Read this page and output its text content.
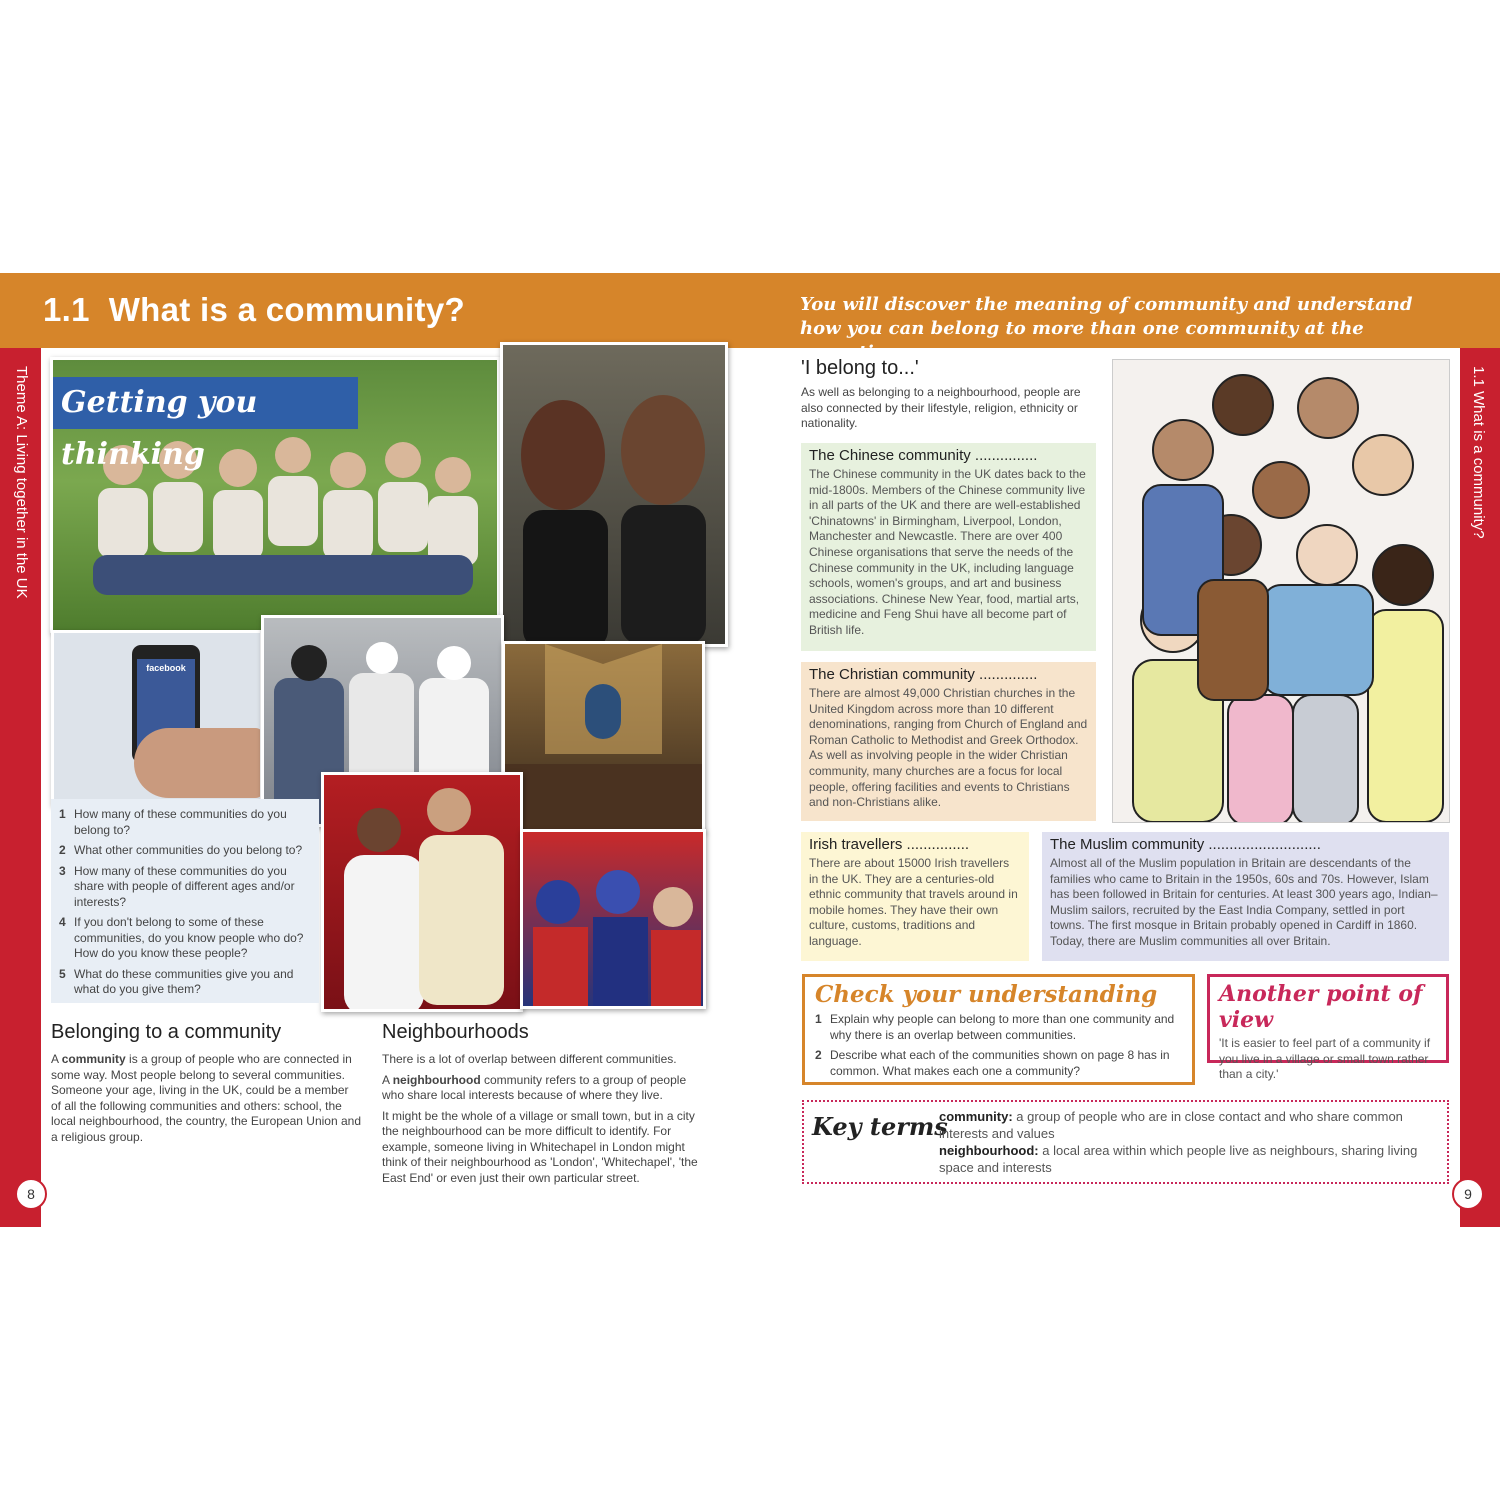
1.1 What is a community?	You will discover the meaning of community and understand how you can belong to more than one community at the same time.
Theme A: Living together in the UK	1.1 What is a community?
8	9
Getting you thinking
facebook
1 How many of these communities do you belong to?
2 What other communities do you belong to?
3 How many of these communities do you share with people of different ages and/or interests?
4 If you don't belong to some of these communities, do you know people who do? How do you know these people?
5 What do these communities give you and what do you give them?
Belonging to a community

A community is a group of people who are connected in some way. Most people belong to several communities. Someone your age, living in the UK, could be a member of all the following communities and others: school, the local neighbourhood, the country, the European Union and a religious group.

Neighbourhoods

There is a lot of overlap between different communities.

A neighbourhood community refers to a group of people who share local interests because of where they live.

It might be the whole of a village or small town, but in a city the neighbourhood can be more difficult to identify. For example, someone living in Whitechapel in London might think of their neighbourhood as 'London', 'Whitechapel', 'the East End' or even just their own particular street.

'I belong to...'
As well as belonging to a neighbourhood, people are also connected by their lifestyle, religion, ethnicity or nationality.
The Chinese community ...............
The Chinese community in the UK dates back to the mid-1800s. Members of the Chinese community live in all parts of the UK and there are well-established 'Chinatowns' in Birmingham, Liverpool, London, Manchester and Newcastle. There are over 400 Chinese organisations that serve the needs of the Chinese community in the UK, including language schools, women's groups, and art and business associations. Chinese New Year, food, martial arts, medicine and Feng Shui have all become part of British life.
The Christian community ..............
There are almost 49,000 Christian churches in the United Kingdom across more than 10 different denominations, ranging from Church of England and Roman Catholic to Methodist and Greek Orthodox. As well as involving people in the wider Christian community, many churches are a focus for local people, offering facilities and events to Christians and non-Christians alike.
Irish travellers ...............
There are about 15000 Irish travellers in the UK. They are a centuries-old ethnic community that travels around in mobile homes. They have their own culture, customs, traditions and language.
The Muslim community ...........................
Almost all of the Muslim population in Britain are descendants of the families who came to Britain in the 1950s, 60s and 70s. However, Islam has been followed in Britain for centuries. At least 300 years ago, Indian–Muslim sailors, recruited by the East India Company, settled in port towns. The first mosque in Britain probably opened in Cardiff in 1860. Today, there are Muslim communities all over Britain.
Check your understanding
1 Explain why people can belong to more than one community and why there is an overlap between communities.
2 Describe what each of the communities shown on page 8 has in common. What makes each one a community?
Another point of view

'It is easier to feel part of a community if you live in a village or small town rather than a city.'

Key terms
community: a group of people who are in close contact and who share common interests and values
neighbourhood: a local area within which people live as neighbours, sharing living space and interests
